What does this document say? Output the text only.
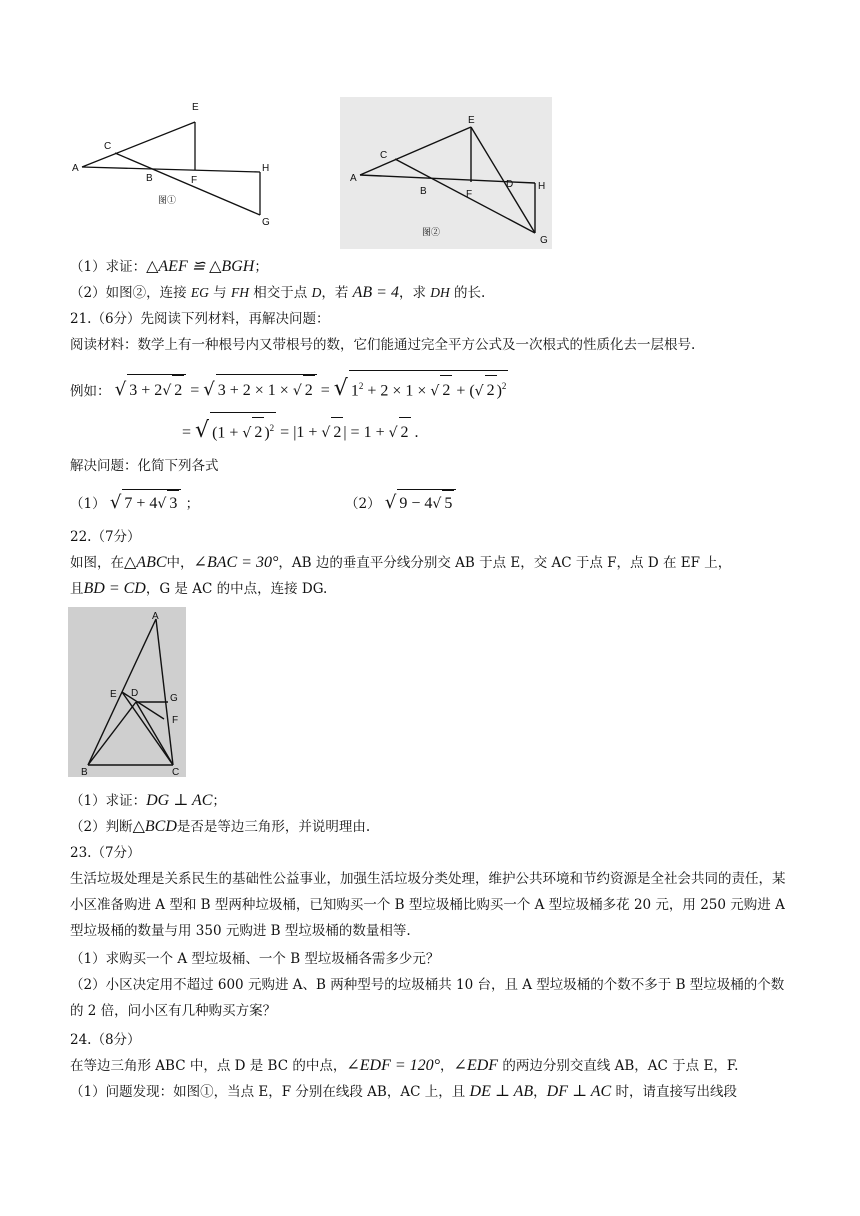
A
C
E
B	F
H
G
图①
A
C
E
B	F
D H
G
图②
（1）求证：△AEF ≌ △BGH；
（2）如图②，连接 EG 与 FH 相交于点 D，若 AB = 4，求 DH 的长.
21.（6分）先阅读下列材料，再解决问题：
阅读材料：数学上有一种根号内又带根号的数，它们能通过完全平方公式及一次根式的性质化去一层根号.
例如： √ 3 + 2√ 2 = √ 3 + 2 × 1 × √ 2 = √ $1^2 + 2 \times 1$ × √ 2 + (√ 2 )$^2$
= √ (1 + √ 2 )$^2$ = |1 + √ 2 | = 1 + √ 2 .
解决问题：化简下列各式
（1） √ 7 + 4√ 3 ；	（2） √ 9 − 4√ 5
22.（7分）
如图，在△ABC中，∠BAC = 30°，AB 边的垂直平分线分别交 AB 于点 E，交 AC 于点 F，点 D 在 EF 上，
且BD = CD，G 是 AC 的中点，连接 DG.
A
E D	G
F
B	C
（1）求证：DG ⊥ AC；
（2）判断△BCD是否是等边三角形，并说明理由.
23.（7分）
生活垃圾处理是关系民生的基础性公益事业，加强生活垃圾分类处理，维护公共环境和节约资源是全社会共同的责任，某小区准备购进 A 型和 B 型两种垃圾桶，已知购买一个 B 型垃圾桶比购买一个 A 型垃圾桶多花 20 元，用 250 元购进 A 型垃圾桶的数量与用 350 元购进 B 型垃圾桶的数量相等.
（1）求购买一个 A 型垃圾桶、一个 B 型垃圾桶各需多少元？
（2）小区决定用不超过 600 元购进 A、B 两种型号的垃圾桶共 10 台，且 A 型垃圾桶的个数不多于 B 型垃圾桶的个数的 2 倍，问小区有几种购买方案？
24.（8分）
在等边三角形 ABC 中，点 D 是 BC 的中点，∠EDF = 120°，∠EDF 的两边分别交直线 AB，AC 于点 E，F.
（1）问题发现：如图①，当点 E，F 分别在线段 AB，AC 上，且 DE ⊥ AB，DF ⊥ AC 时，请直接写出线段
